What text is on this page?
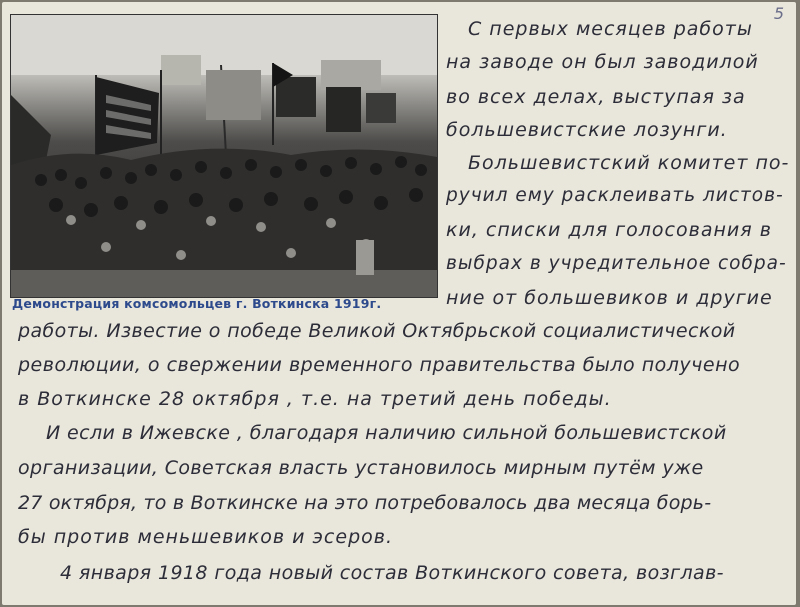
5
Демонстрация комсомольцев г. Воткинска 1919г.
С первых месяцев работы
на заводе он был заводилой
во всех делах, выступая за
большевистские лозунги.
Большевистский комитет по-
ручил ему расклеивать листов-
ки, списки для голосования в
выбрах в учредительное собра-
ние от большевиков и другие
работы. Известие о победе Великой Октябрьской социалистической
революции, о свержении временного правительства было получено
в Воткинске 28 октября , т.е. на третий день победы.
И если в Ижевске , благодаря наличию сильной большевистской
организации, Советская власть установилось мирным путём уже
27 октября, то в Воткинске на это потребовалось два месяца борь-
бы против меньшевиков и эсеров.
4 января 1918 года новый состав Воткинского совета, возглав-
